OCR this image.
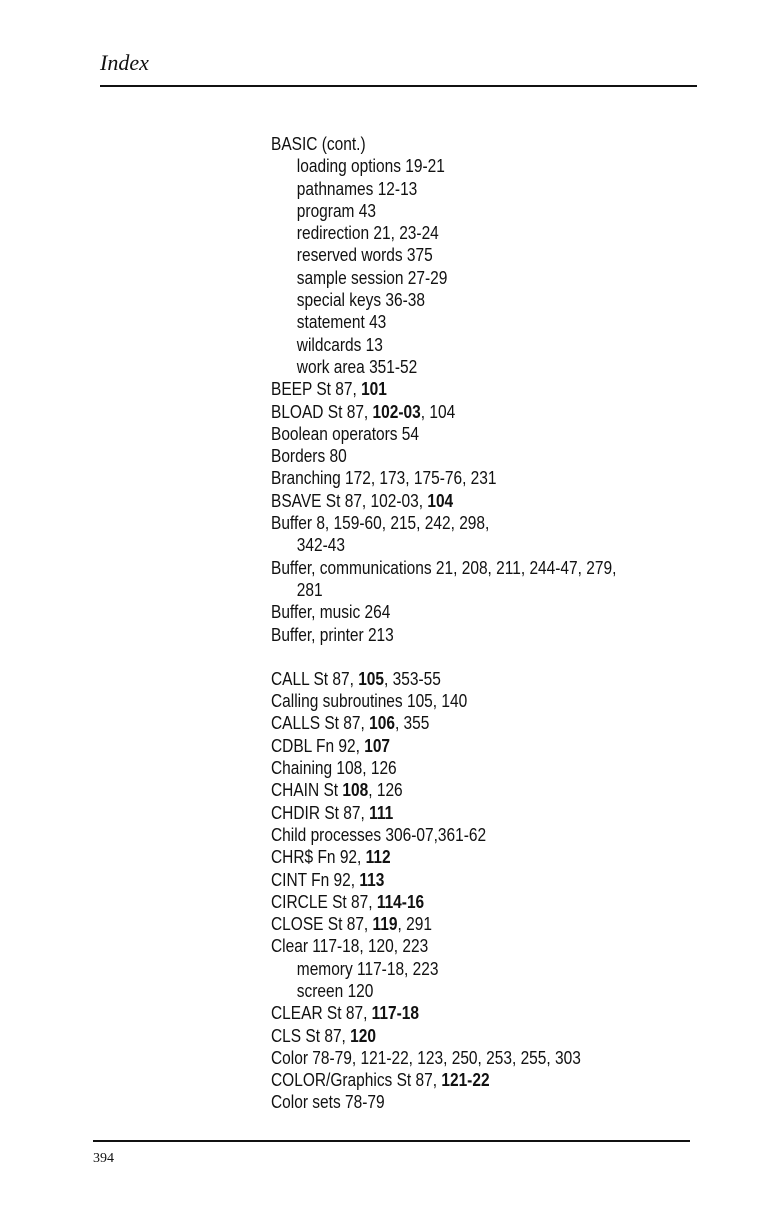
Index
BASIC (cont.)
loading options 19-21
pathnames 12-13
program 43
redirection 21, 23-24
reserved words 375
sample session 27-29
special keys 36-38
statement 43
wildcards 13
work area 351-52
BEEP St 87, 101
BLOAD St 87, 102-03, 104
Boolean operators 54
Borders 80
Branching 172, 173, 175-76, 231
BSAVE St 87, 102-03, 104
Buffer 8, 159-60, 215, 242, 298,
342-43
Buffer, communications 21, 208, 211, 244-47, 279,
281
Buffer, music 264
Buffer, printer 213
CALL St 87, 105, 353-55
Calling subroutines 105, 140
CALLS St 87, 106, 355
CDBL Fn 92, 107
Chaining 108, 126
CHAIN St 108, 126
CHDIR St 87, 111
Child processes 306-07,361-62
CHR$ Fn 92, 112
CINT Fn 92, 113
CIRCLE St 87, 114-16
CLOSE St 87, 119, 291
Clear 117-18, 120, 223
memory 117-18, 223
screen 120
CLEAR St 87, 117-18
CLS St 87, 120
Color 78-79, 121-22, 123, 250, 253, 255, 303
COLOR/Graphics St 87, 121-22
Color sets 78-79
394
